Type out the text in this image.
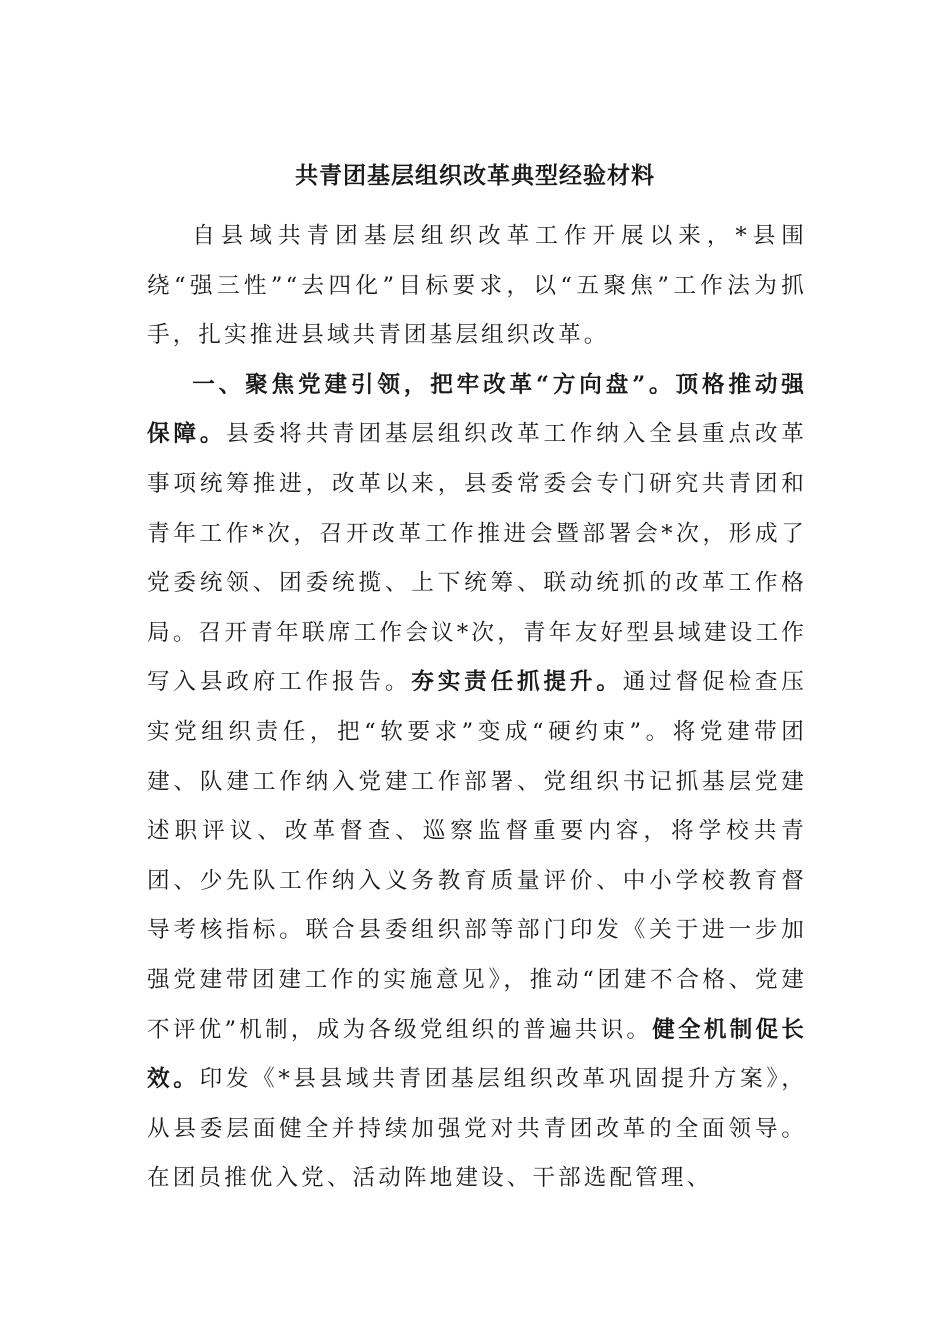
共青团基层组织改革典型经验材料

自县域共青团基层组织改革工作开展以来，*县围绕“强三性”“去四化”目标要求，以“五聚焦”工作法为抓手，扎实推进县域共青团基层组织改革。

一、聚焦党建引领，把牢改革“方向盘”。顶格推动强保障。县委将共青团基层组织改革工作纳入全县重点改革事项统筹推进，改革以来，县委常委会专门研究共青团和青年工作*次，召开改革工作推进会暨部署会*次，形成了党委统领、团委统揽、上下统筹、联动统抓的改革工作格局。召开青年联席工作会议*次，青年友好型县域建设工作写入县政府工作报告。夯实责任抓提升。通过督促检查压实党组织责任，把“软要求”变成“硬约束”。将党建带团建、队建工作纳入党建工作部署、党组织书记抓基层党建述职评议、改革督查、巡察监督重要内容，将学校共青团、少先队工作纳入义务教育质量评价、中小学校教育督导考核指标。联合县委组织部等部门印发《关于进一步加强党建带团建工作的实施意见》，推动“团建不合格、党建不评优”机制，成为各级党组织的普遍共识。健全机制促长效。印发《*县县域共青团基层组织改革巩固提升方案》，从县委层面健全并持续加强党对共青团改革的全面领导。在团员推优入党、活动阵地建设、干部选配管理、
